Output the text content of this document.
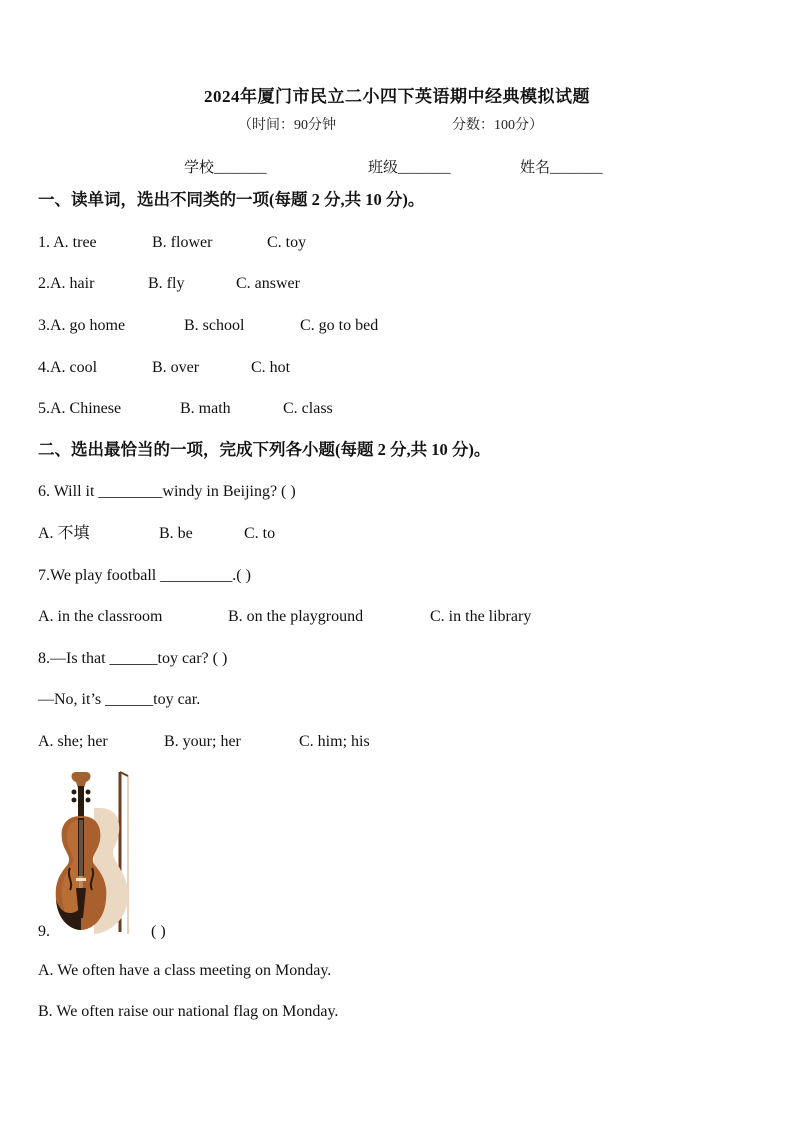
2024年厦门市民立二小四下英语期中经典模拟试题
（时间：90分钟	分数：100分）
学校_______	班级_______	姓名_______
一、读单词，选出不同类的一项(每题 2 分,共 10 分)。
1. A. tree	B. flower	C. toy
2.A. hair	B. fly	C. answer
3.A. go home	B. school	C. go to bed
4.A. cool	B. over	C. hot
5.A. Chinese	B. math	C. class
二、选出最恰当的一项，完成下列各小题(每题 2 分,共 10 分)。
6. Will it ________windy in Beijing? ( )
A. 不填	B. be	C. to
7.We play football _________.( )
A. in the classroom	B. on the playground	C. in the library
8.—Is that ______toy car? ( )
—No, it’s ______toy car.
A. she; her	B. your; her	C. him; his
9.	( )
A. We often have a class meeting on Monday.
B. We often raise our national flag on Monday.
